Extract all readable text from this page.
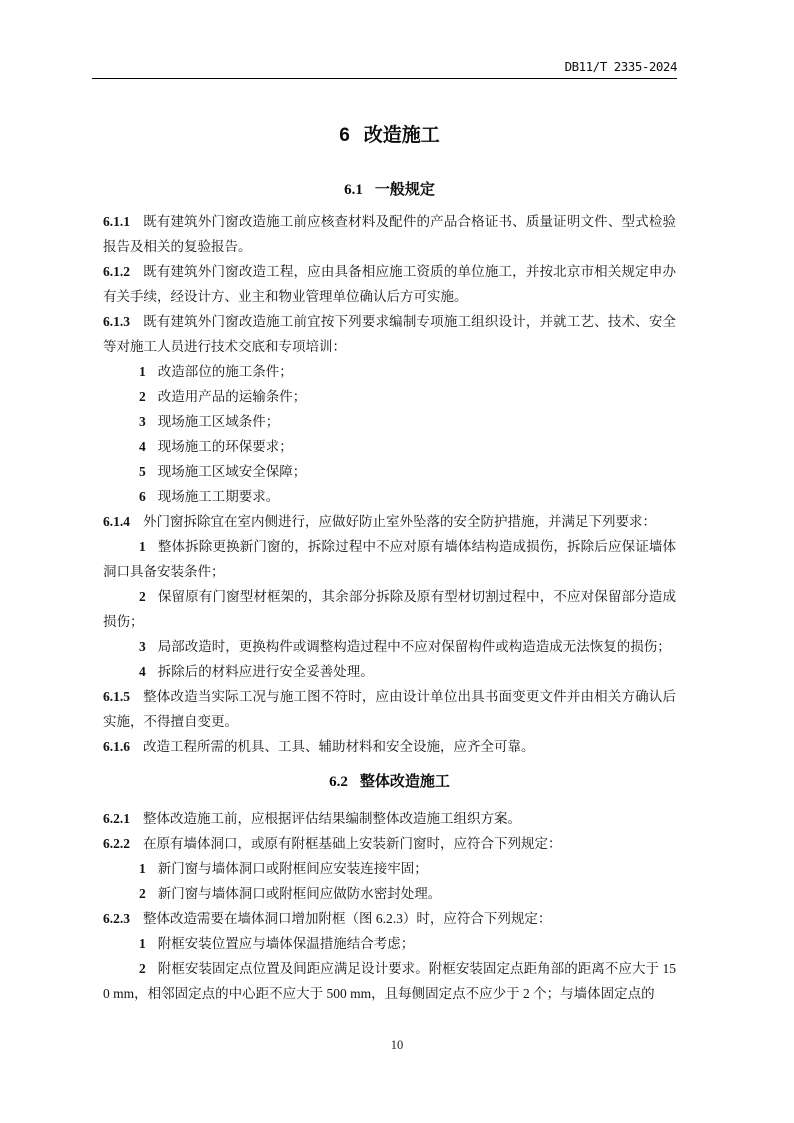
DB11/T 2335-2024
6 改造施工
6.1 一般规定

6.1.1 既有建筑外门窗改造施工前应核查材料及配件的产品合格证书、质量证明文件、型式检验报告及相关的复验报告。

6.1.2 既有建筑外门窗改造工程，应由具备相应施工资质的单位施工，并按北京市相关规定申办有关手续，经设计方、业主和物业管理单位确认后方可实施。

6.1.3 既有建筑外门窗改造施工前宜按下列要求编制专项施工组织设计，并就工艺、技术、安全等对施工人员进行技术交底和专项培训：

1 改造部位的施工条件；

2 改造用产品的运输条件；

3 现场施工区域条件；

4 现场施工的环保要求；

5 现场施工区域安全保障；

6 现场施工工期要求。

6.1.4 外门窗拆除宜在室内侧进行，应做好防止室外坠落的安全防护措施，并满足下列要求：

1 整体拆除更换新门窗的，拆除过程中不应对原有墙体结构造成损伤，拆除后应保证墙体洞口具备安装条件；

2 保留原有门窗型材框架的，其余部分拆除及原有型材切割过程中，不应对保留部分造成损伤；

3 局部改造时，更换构件或调整构造过程中不应对保留构件或构造造成无法恢复的损伤；

4 拆除后的材料应进行安全妥善处理。

6.1.5 整体改造当实际工况与施工图不符时，应由设计单位出具书面变更文件并由相关方确认后实施，不得擅自变更。

6.1.6 改造工程所需的机具、工具、辅助材料和安全设施，应齐全可靠。

6.2 整体改造施工

6.2.1 整体改造施工前，应根据评估结果编制整体改造施工组织方案。

6.2.2 在原有墙体洞口，或原有附框基础上安装新门窗时，应符合下列规定：

1 新门窗与墙体洞口或附框间应安装连接牢固；

2 新门窗与墙体洞口或附框间应做防水密封处理。

6.2.3 整体改造需要在墙体洞口增加附框（图 6.2.3）时，应符合下列规定：

1 附框安装位置应与墙体保温措施结合考虑；

2 附框安装固定点位置及间距应满足设计要求。附框安装固定点距角部的距离不应大于 150 mm，相邻固定点的中心距不应大于 500 mm，且每侧固定点不应少于 2 个；与墙体固定点的

10
